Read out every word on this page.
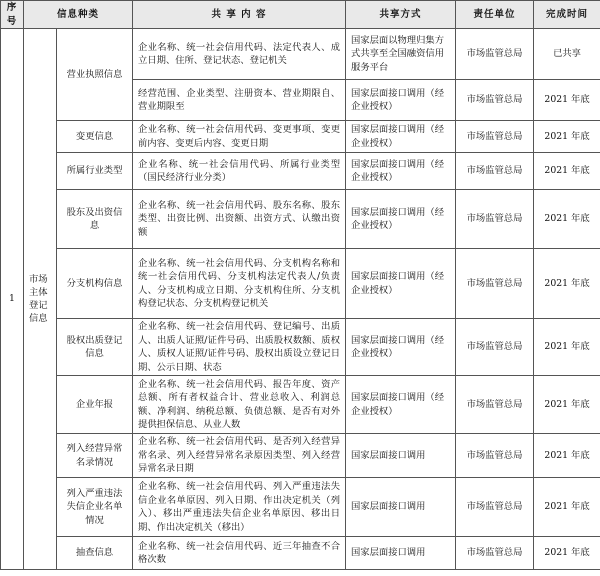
序号	信息种类		共 享 内 容	共享方式	责任单位	完成时间
1	市场主体登记信息	营业执照信息	企业名称、统一社会信用代码、法定代表人、成立日期、住所、登记状态、登记机关	国家层面以物理归集方式共享至全国融资信用服务平台	市场监管总局	已共享
			经营范围、企业类型、注册资本、营业期限自、营业期限至	国家层面接口调用（经企业授权）	市场监管总局	2021 年底
		变更信息	企业名称、统一社会信用代码、变更事项、变更前内容、变更后内容、变更日期	国家层面接口调用（经企业授权）	市场监管总局	2021 年底
		所属行业类型	企业名称、统一社会信用代码、所属行业类型（国民经济行业分类）	国家层面接口调用（经企业授权）	市场监管总局	2021 年底
		股东及出资信息	企业名称、统一社会信用代码、股东名称、股东类型、出资比例、出资额、出资方式、认缴出资额	国家层面接口调用（经企业授权）	市场监管总局	2021 年底
		分支机构信息	企业名称、统一社会信用代码、分支机构名称和统一社会信用代码、分支机构法定代表人/负责人、分支机构成立日期、分支机构住所、分支机构登记状态、分支机构登记机关	国家层面接口调用（经企业授权）	市场监管总局	2021 年底
		股权出质登记信息	企业名称、统一社会信用代码、登记编号、出质人、出质人证照/证件号码、出质股权数额、质权人、质权人证照/证件号码、股权出质设立登记日期、公示日期、状态	国家层面接口调用（经企业授权）	市场监管总局	2021 年底
		企业年报	企业名称、统一社会信用代码、报告年度、资产总额、所有者权益合计、营业总收入、利润总额、净利润、纳税总额、负债总额、是否有对外提供担保信息、从业人数	国家层面接口调用（经企业授权）	市场监管总局	2021 年底
		列入经营异常名录情况	企业名称、统一社会信用代码、是否列入经营异常名录、列入经营异常名录原因类型、列入经营异常名录日期	国家层面接口调用	市场监管总局	2021 年底
		列入严重违法失信企业名单情况	企业名称、统一社会信用代码、列入严重违法失信企业名单原因、列入日期、作出决定机关（列入）、移出严重违法失信企业名单原因、移出日期、作出决定机关（移出）	国家层面接口调用	市场监管总局	2021 年底
		抽查信息	企业名称、统一社会信用代码、近三年抽查不合格次数	国家层面接口调用	市场监管总局	2021 年底
